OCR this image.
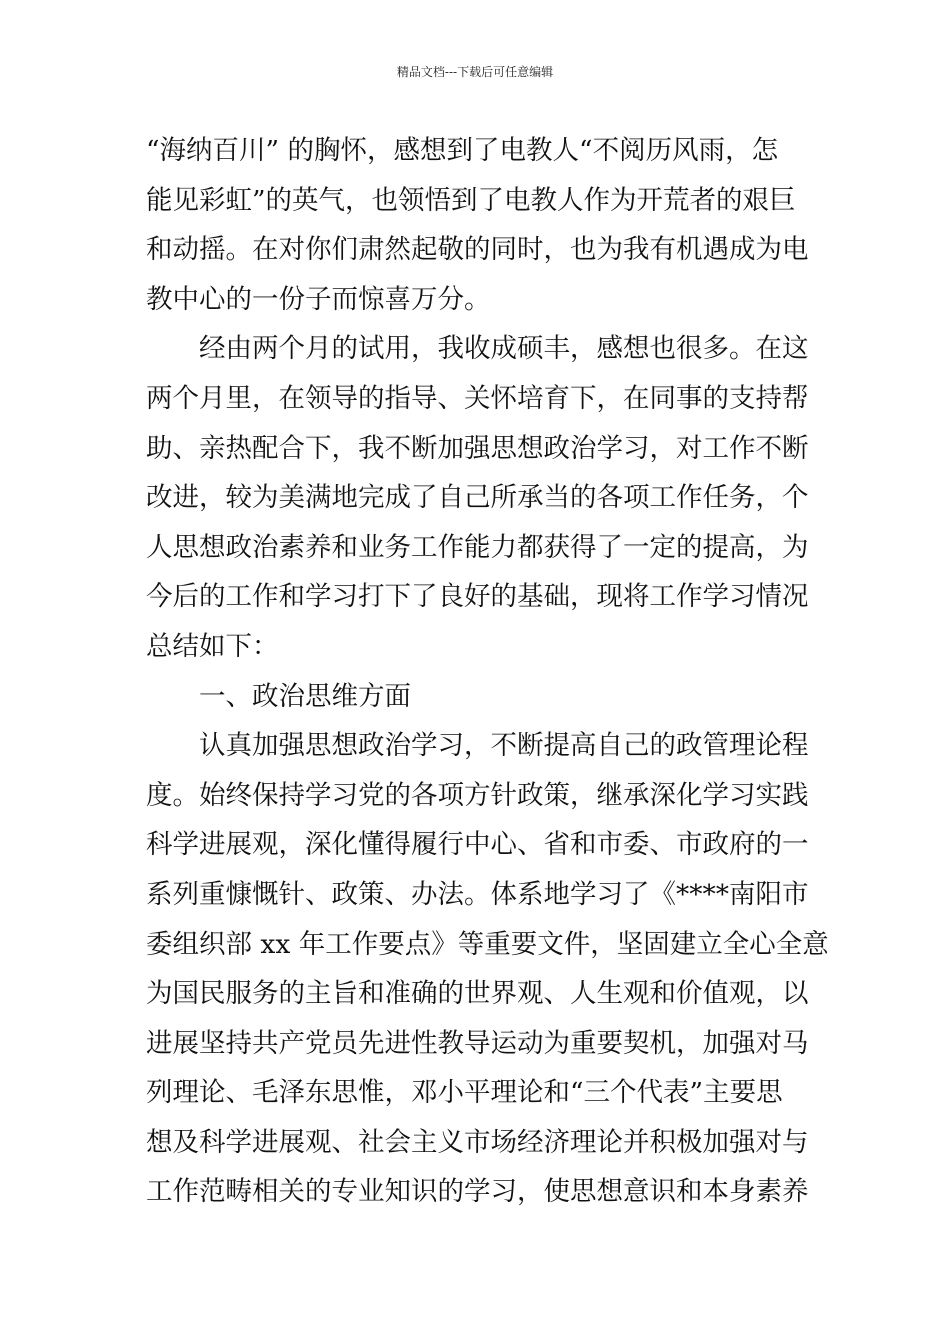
精品文档---下载后可任意编辑
“海纳百川” 的胸怀，感想到了电教人“不阅历风雨，怎
能见彩虹”的英气，也领悟到了电教人作为开荒者的艰巨
和动摇。在对你们肃然起敬的同时，也为我有机遇成为电
教中心的一份子而惊喜万分。
经由两个月的试用，我收成硕丰，感想也很多。在这
两个月里，在领导的指导、关怀培育下，在同事的支持帮
助、亲热配合下，我不断加强思想政治学习，对工作不断
改进，较为美满地完成了自己所承当的各项工作任务，个
人思想政治素养和业务工作能力都获得了一定的提高，为
今后的工作和学习打下了良好的基础，现将工作学习情况
总结如下：
一、政治思维方面
认真加强思想政治学习，不断提高自己的政管理论程
度。始终保持学习党的各项方针政策，继承深化学习实践
科学进展观，深化懂得履行中心、省和市委、市政府的一
系列重慷慨针、政策、办法。体系地学习了《****南阳市
委组织部 xx 年工作要点》等重要文件，坚固建立全心全意
为国民服务的主旨和准确的世界观、人生观和价值观，以
进展坚持共产党员先进性教导运动为重要契机，加强对马
列理论、毛泽东思惟，邓小平理论和“三个代表”主要思
想及科学进展观、社会主义市场经济理论并积极加强对与
工作范畴相关的专业知识的学习，使思想意识和本身素养
